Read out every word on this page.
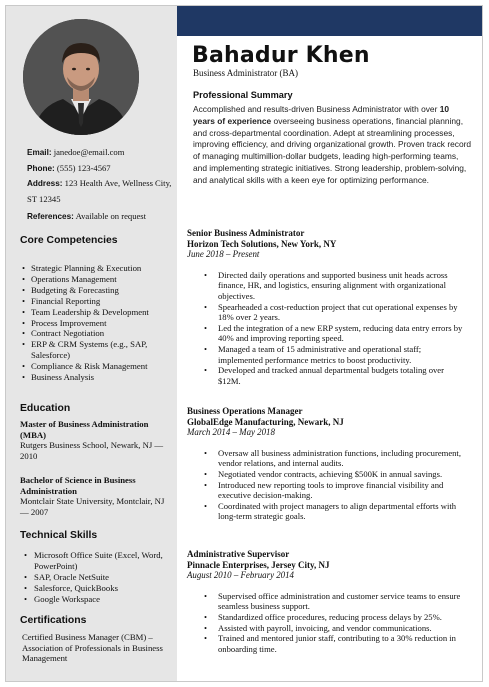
Email: janedoe@email.com
Phone: (555) 123-4567
Address: 123 Health Ave, Wellness City, ST 12345
References: Available on request
Core Competencies
• Strategic Planning & Execution
• Operations Management
• Budgeting & Forecasting
• Financial Reporting
• Team Leadership & Development
• Process Improvement
• Contract Negotiation
• ERP & CRM Systems (e.g., SAP, Salesforce)
• Compliance & Risk Management
• Business Analysis
Education
Master of Business Administration (MBA)
Rutgers Business School, Newark, NJ — 2010
Bachelor of Science in Business Administration
Montclair State University, Montclair, NJ — 2007
Technical Skills
• Microsoft Office Suite (Excel, Word, PowerPoint)
• SAP, Oracle NetSuite
• Salesforce, QuickBooks
• Google Workspace
Certifications
Certified Business Manager (CBM) – Association of Professionals in Business Management
Bahadur Khen
Business Administrator (BA)
Professional Summary

Accomplished and results-driven Business Administrator with over 10 years of experience overseeing business operations, financial planning, and cross-departmental coordination. Adept at streamlining processes, improving efficiency, and driving organizational growth. Proven track record of managing multimillion-dollar budgets, leading high-performing teams, and implementing strategic initiatives. Strong leadership, problem-solving, and analytical skills with a keen eye for optimizing performance.

Senior Business Administrator
Horizon Tech Solutions, New York, NY
June 2018 – Present
• Directed daily operations and supported business unit heads across finance, HR, and logistics, ensuring alignment with organizational objectives.
• Spearheaded a cost-reduction project that cut operational expenses by 18% over 2 years.
• Led the integration of a new ERP system, reducing data entry errors by 40% and improving reporting speed.
• Managed a team of 15 administrative and operational staff; implemented performance metrics to boost productivity.
• Developed and tracked annual departmental budgets totaling over $12M.
Business Operations Manager
GlobalEdge Manufacturing, Newark, NJ
March 2014 – May 2018
• Oversaw all business administration functions, including procurement, vendor relations, and internal audits.
• Negotiated vendor contracts, achieving $500K in annual savings.
• Introduced new reporting tools to improve financial visibility and executive decision-making.
• Coordinated with project managers to align departmental efforts with long-term strategic goals.
Administrative Supervisor
Pinnacle Enterprises, Jersey City, NJ
August 2010 – February 2014
• Supervised office administration and customer service teams to ensure seamless business support.
• Standardized office procedures, reducing process delays by 25%.
• Assisted with payroll, invoicing, and vendor communications.
• Trained and mentored junior staff, contributing to a 30% reduction in onboarding time.
